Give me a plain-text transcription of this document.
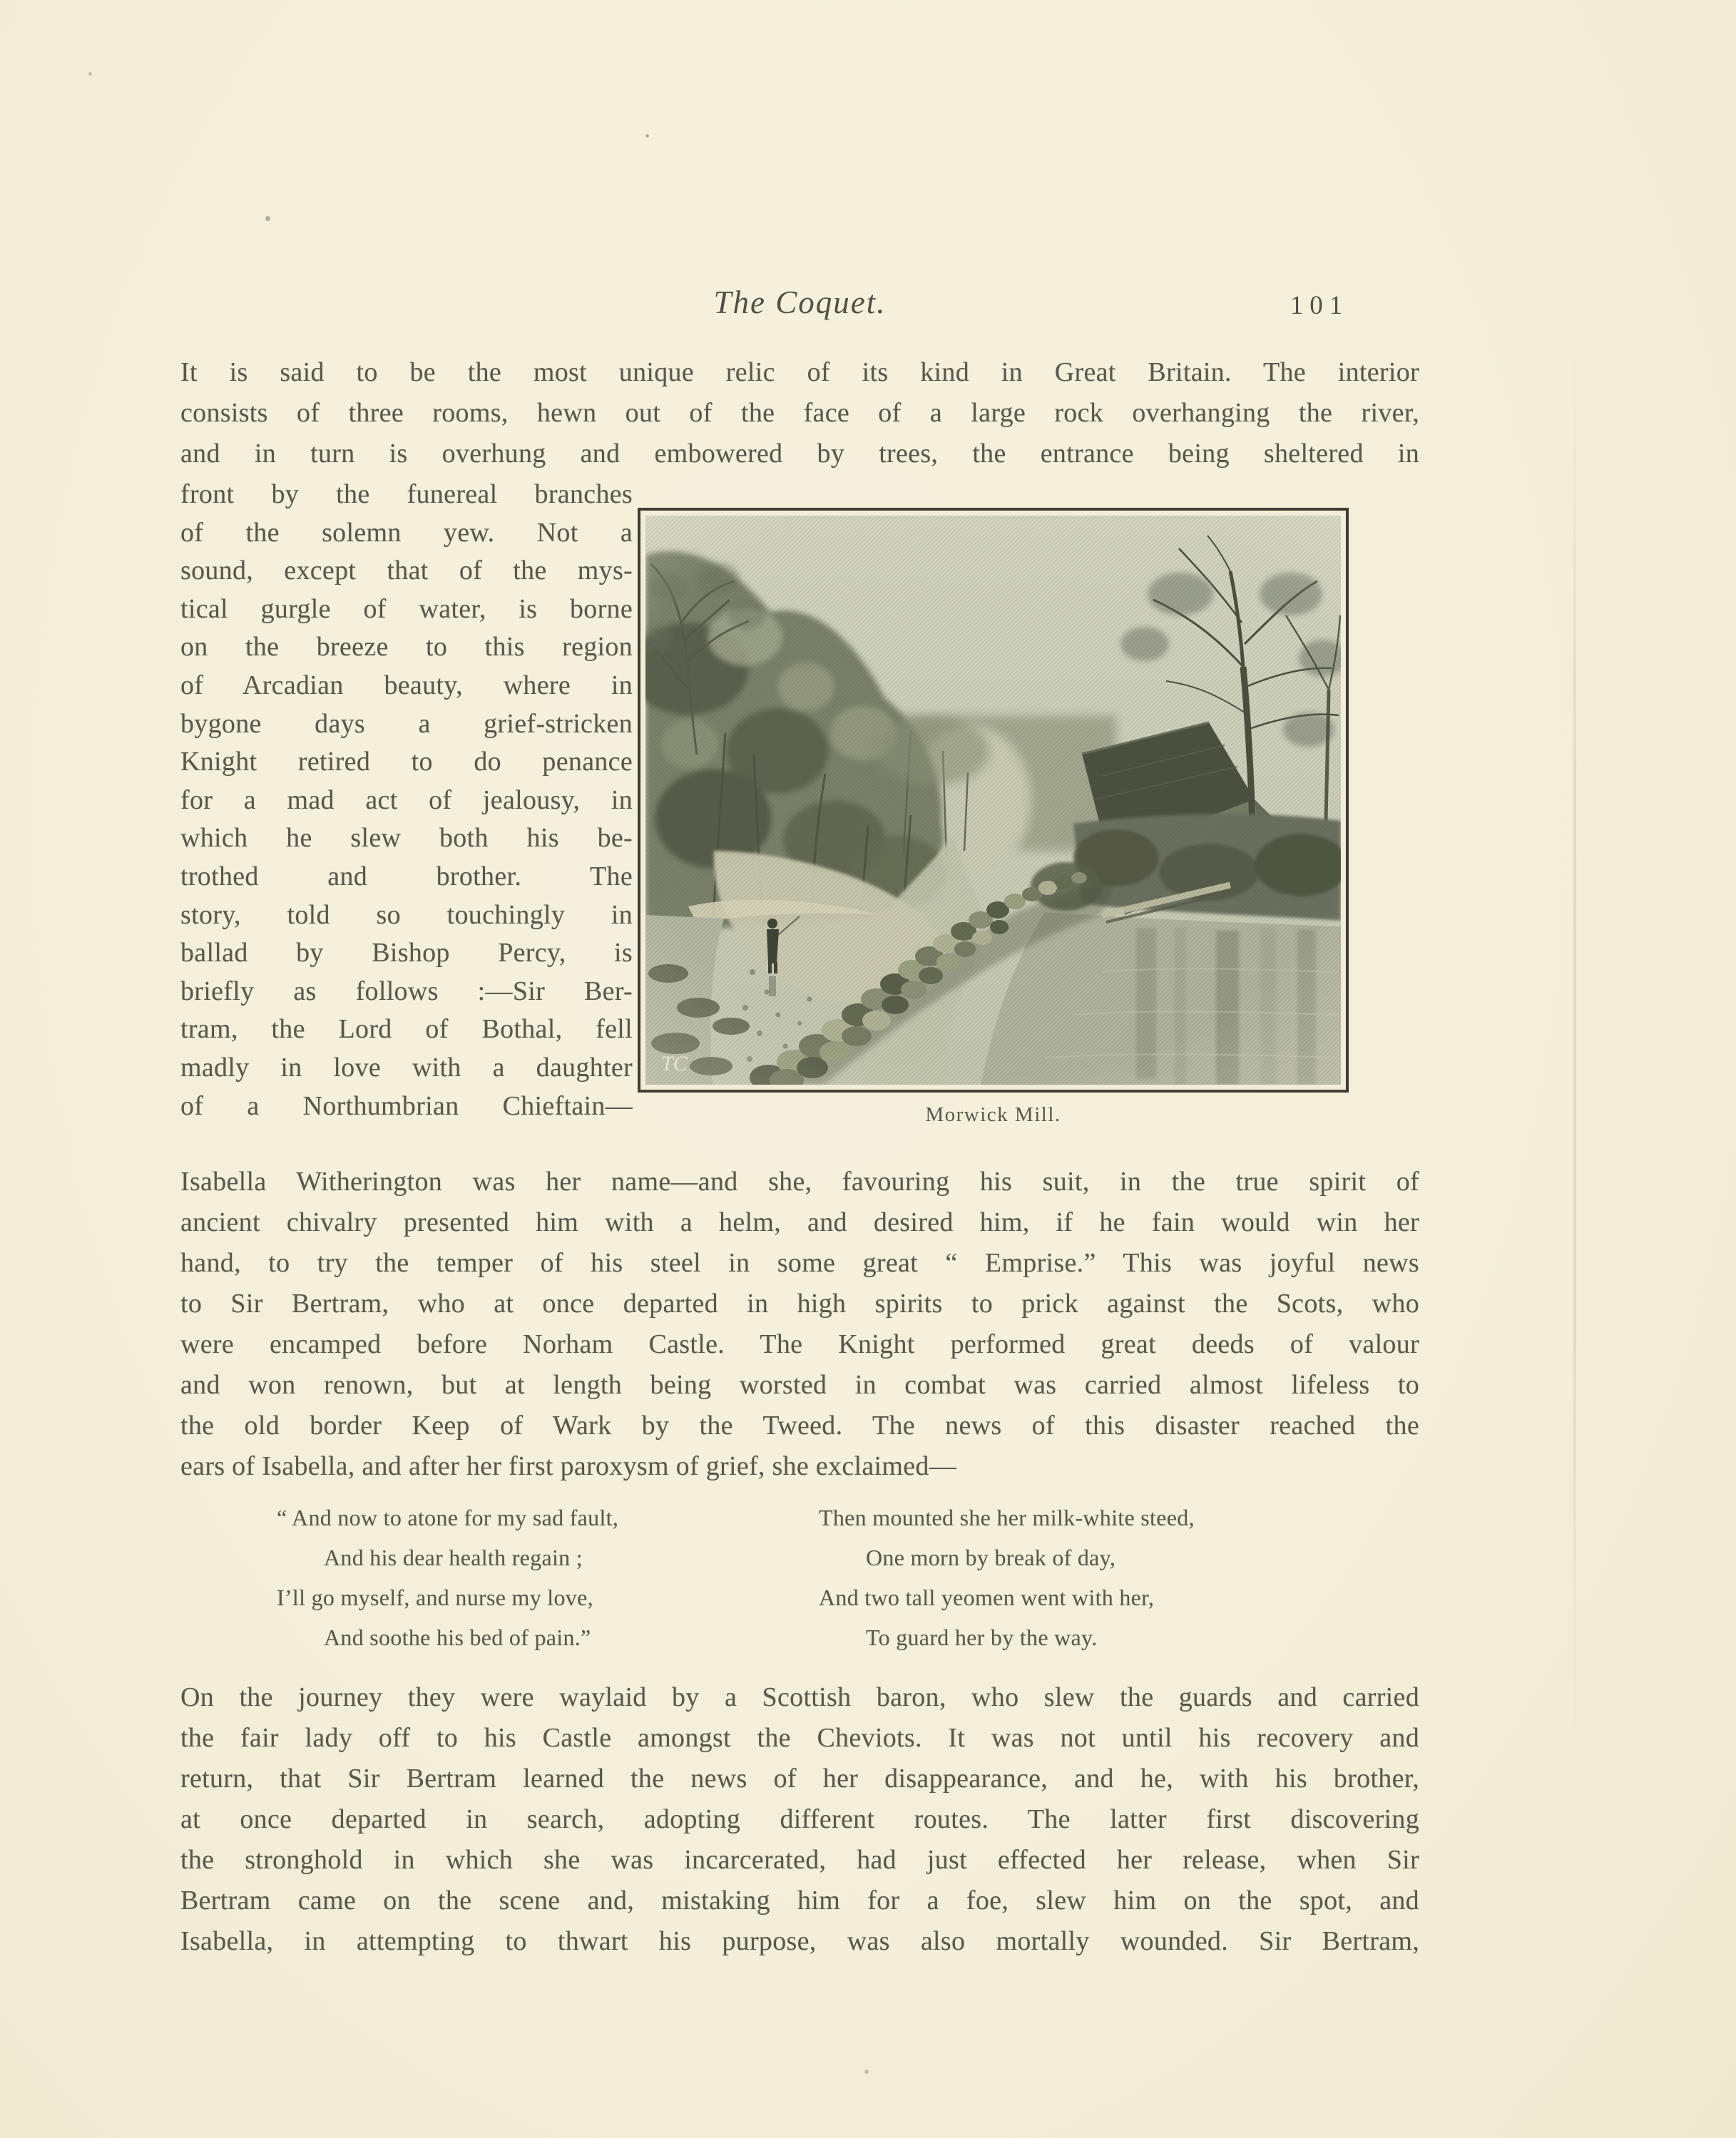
The Coquet.	101
It is said to be the most unique relic of its kind in Great Britain. The interior
consists of three rooms, hewn out of the face of a large rock overhanging the river,
and in turn is overhung and embowered by trees, the entrance being sheltered in
front by the funereal branches
of the solemn yew. Not a
sound, except that of the mys-
tical gurgle of water, is borne
on the breeze to this region
of Arcadian beauty, where in
bygone days a grief-stricken
Knight retired to do penance
for a mad act of jealousy, in
which he slew both his be-
trothed and brother. The
story, told so touchingly in
ballad by Bishop Percy, is
briefly as follows :—Sir Ber-
tram, the Lord of Bothal, fell
madly in love with a daughter
of a Northumbrian Chieftain—
TC
Morwick Mill.
Isabella Witherington was her name—and she, favouring his suit, in the true spirit of
ancient chivalry presented him with a helm, and desired him, if he fain would win her
hand, to try the temper of his steel in some great “ Emprise.” This was joyful news
to Sir Bertram, who at once departed in high spirits to prick against the Scots, who
were encamped before Norham Castle. The Knight performed great deeds of valour
and won renown, but at length being worsted in combat was carried almost lifeless to
the old border Keep of Wark by the Tweed. The news of this disaster reached the
ears of Isabella, and after her first paroxysm of grief, she exclaimed—
“ And now to atone for my sad fault,
And his dear health regain ;
I’ll go myself, and nurse my love,
And soothe his bed of pain.”
Then mounted she her milk-white steed,
One morn by break of day,
And two tall yeomen went with her,
To guard her by the way.
On the journey they were waylaid by a Scottish baron, who slew the guards and carried
the fair lady off to his Castle amongst the Cheviots. It was not until his recovery and
return, that Sir Bertram learned the news of her disappearance, and he, with his brother,
at once departed in search, adopting different routes. The latter first discovering
the stronghold in which she was incarcerated, had just effected her release, when Sir
Bertram came on the scene and, mistaking him for a foe, slew him on the spot, and
Isabella, in attempting to thwart his purpose, was also mortally wounded. Sir Bertram,
